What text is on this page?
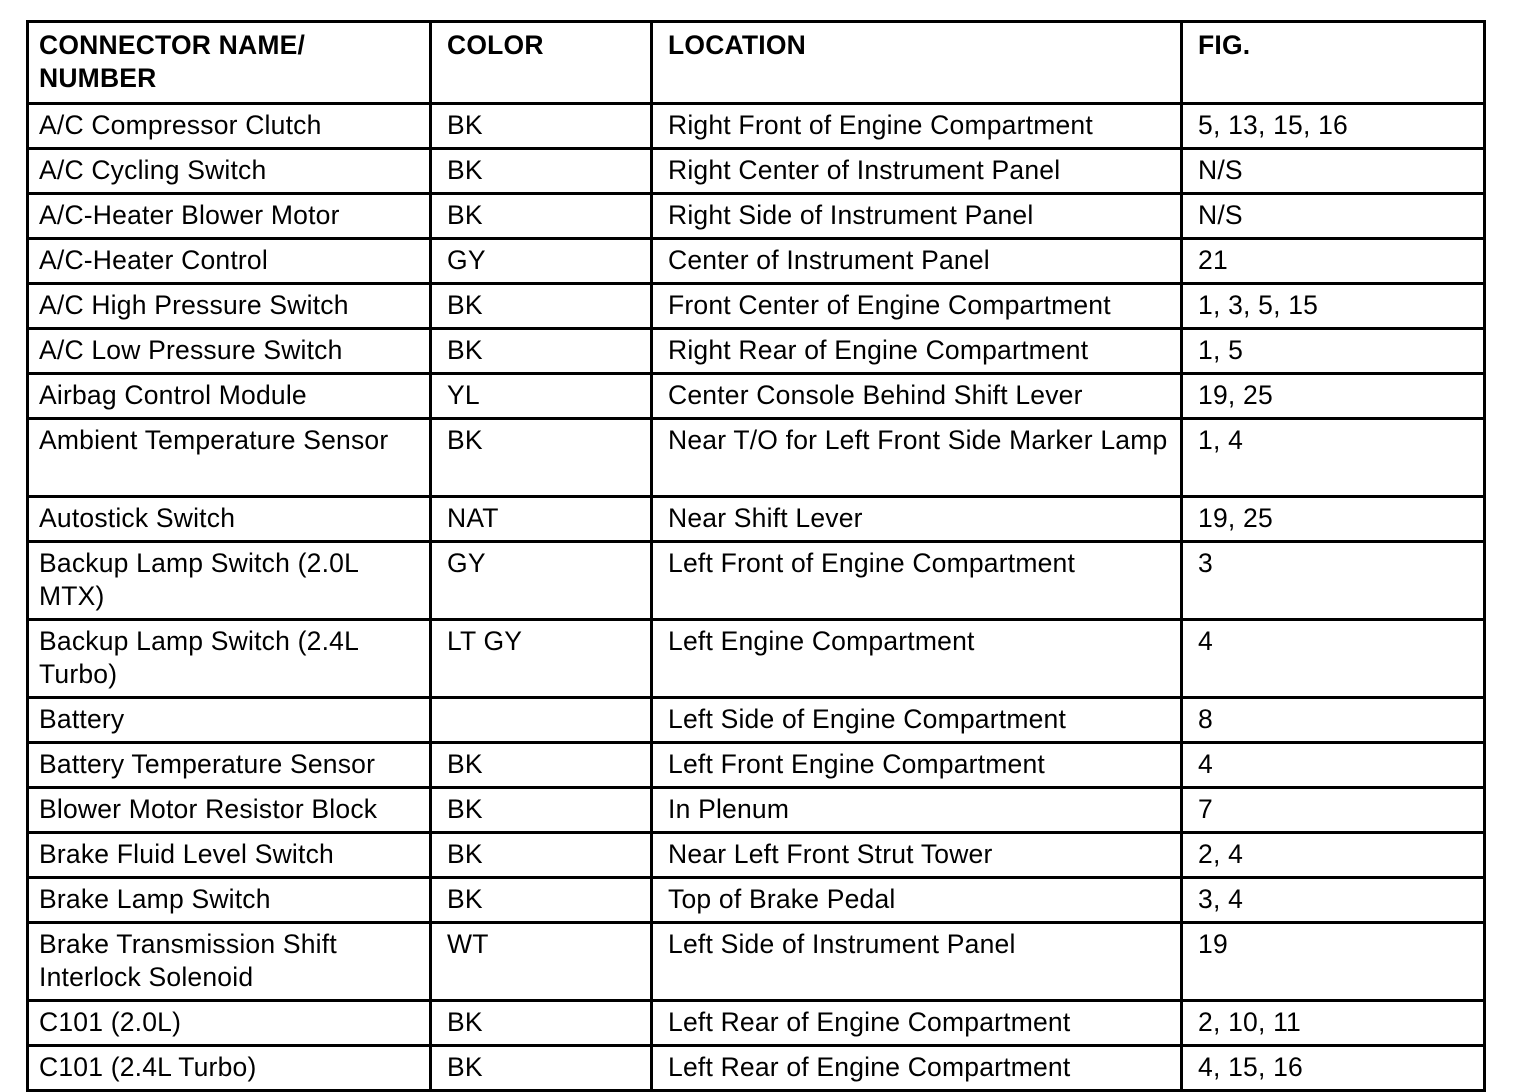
CONNECTOR NAME/ NUMBER	COLOR	LOCATION	FIG.
A/C Compressor Clutch	BK	Right Front of Engine Compartment	5, 13, 15, 16
A/C Cycling Switch	BK	Right Center of Instrument Panel	N/S
A/C-Heater Blower Motor	BK	Right Side of Instrument Panel	N/S
A/C-Heater Control	GY	Center of Instrument Panel	21
A/C High Pressure Switch	BK	Front Center of Engine Compartment	1, 3, 5, 15
A/C Low Pressure Switch	BK	Right Rear of Engine Compartment	1, 5
Airbag Control Module	YL	Center Console Behind Shift Lever	19, 25
Ambient Temperature Sensor	BK	Near T/O for Left Front Side Marker Lamp	1, 4
Autostick Switch	NAT	Near Shift Lever	19, 25
Backup Lamp Switch (2.0L MTX)	GY	Left Front of Engine Compartment	3
Backup Lamp Switch (2.4L Turbo)	LT GY	Left Engine Compartment	4
Battery		Left Side of Engine Compartment	8
Battery Temperature Sensor	BK	Left Front Engine Compartment	4
Blower Motor Resistor Block	BK	In Plenum	7
Brake Fluid Level Switch	BK	Near Left Front Strut Tower	2, 4
Brake Lamp Switch	BK	Top of Brake Pedal	3, 4
Brake Transmission Shift Interlock Solenoid	WT	Left Side of Instrument Panel	19
C101 (2.0L)	BK	Left Rear of Engine Compartment	2, 10, 11
C101 (2.4L Turbo)	BK	Left Rear of Engine Compartment	4, 15, 16
